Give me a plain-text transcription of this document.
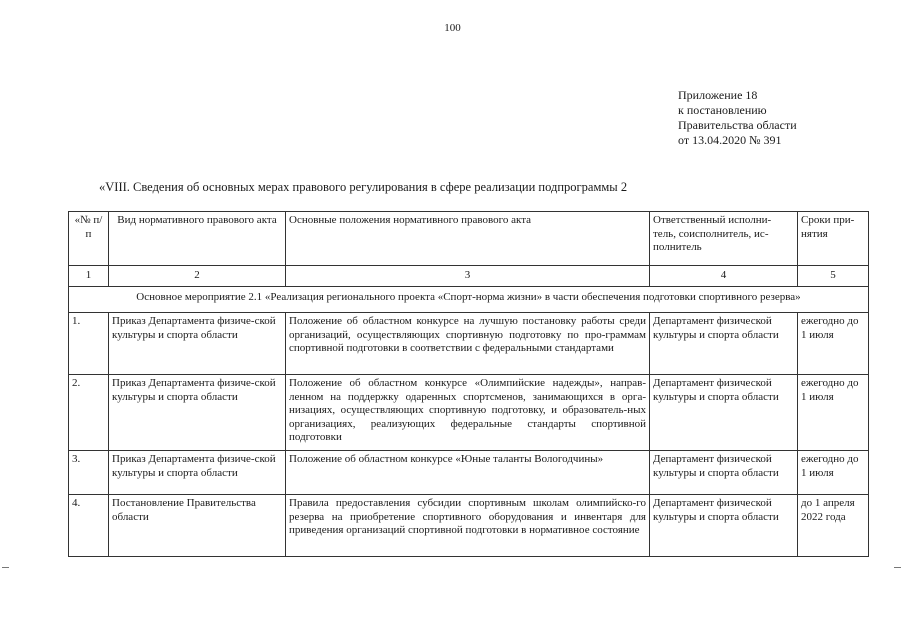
100
Приложение 18
к постановлению
Правительства области
от 13.04.2020 № 391
«VIII. Сведения об основных мерах правового регулирования в сфере реализации подпрограммы 2
«№ п/п	Вид нормативного правового акта	Основные положения нормативного правового акта	Ответственный исполни-тель, соисполнитель, ис-полнитель	Сроки при-нятия
1	2	3	4	5
Основное мероприятие 2.1 «Реализация регионального проекта «Спорт-норма жизни» в части обеспечения подготовки спортивного резерва»				
1.	Приказ Департамента физиче-ской культуры и спорта области	Положение об областном конкурсе на лучшую постановку работы среди организаций, осуществляющих спортивную подготовку по про-граммам спортивной подготовки в соответствии с федеральными стандартами	Департамент физической культуры и спорта области	ежегодно до 1 июля
2.	Приказ Департамента физиче-ской культуры и спорта области	Положение об областном конкурсе «Олимпийские надежды», направ-ленном на поддержку одаренных спортсменов, занимающихся в орга-низациях, осуществляющих спортивную подготовку, и образователь-ных организациях, реализующих федеральные стандарты спортивной подготовки	Департамент физической культуры и спорта области	ежегодно до 1 июля
3.	Приказ Департамента физиче-ской культуры и спорта области	Положение об областном конкурсе «Юные таланты Вологодчины»	Департамент физической культуры и спорта области	ежегодно до 1 июля
4.	Постановление Правительства области	Правила предоставления субсидии спортивным школам олимпийско-го резерва на приобретение спортивного оборудования и инвентаря для приведения организаций спортивной подготовки в нормативное состояние	Департамент физической культуры и спорта области	до 1 апреля 2022 года
